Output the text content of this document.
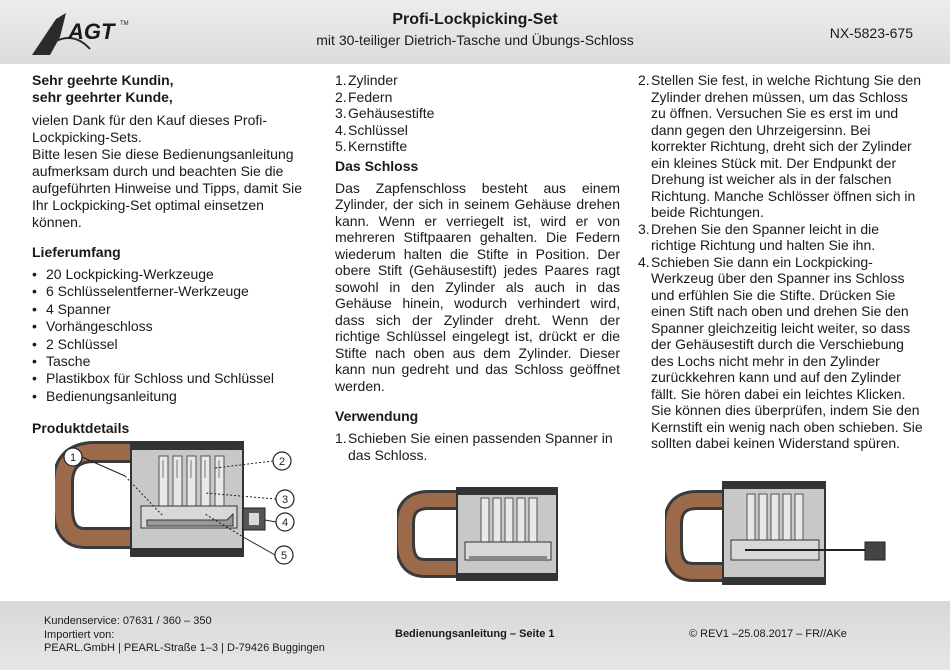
AGT TM	Profi-Lockpicking-Set
mit 30-teiliger Dietrich-Tasche und Übungs-Schloss	NX-5823-675
Sehr geehrte Kundin,
sehr geehrter Kunde,
vielen Dank für den Kauf dieses Profi-Lockpicking-Sets.
Bitte lesen Sie diese Bedienungsanleitung aufmerksam durch und beachten Sie die aufgeführten Hinweise und Tipps, damit Sie Ihr Lockpicking-Set optimal einsetzen können.
Lieferumfang
• 20 Lockpicking-Werkzeuge
• 6 Schlüsselentferner-Werkzeuge
• 4 Spanner
• Vorhängeschloss
• 2 Schlüssel
• Tasche
• Plastikbox für Schloss und Schlüssel
• Bedienungsanleitung
Produktdetails
1	2
3
4
5
1. Zylinder
2. Federn
3. Gehäusestifte
4. Schlüssel
5. Kernstifte
Das Schloss
Das Zapfenschloss besteht aus einem Zylinder, der sich in seinem Gehäuse drehen kann. Wenn er verriegelt ist, wird er von mehreren Stiftpaaren gehalten. Die Federn wiederum halten die Stifte in Position. Der obere Stift (Gehäusestift) jedes Paares ragt sowohl in den Zylinder als auch in das Gehäuse hinein, wodurch verhindert wird, dass sich der Zylinder dreht. Wenn der richtige Schlüssel eingelegt ist, drückt er die Stifte nach oben aus dem Zylinder. Dieser kann nun gedreht und das Schloss geöffnet werden.
Verwendung
1. Schieben Sie einen passenden Spanner in das Schloss.
2. Stellen Sie fest, in welche Richtung Sie den Zylinder drehen müssen, um das Schloss zu öffnen. Versuchen Sie es erst im und dann gegen den Uhrzeigersinn. Bei korrekter Richtung, dreht sich der Zylinder ein kleines Stück mit. Der Endpunkt der Drehung ist weicher als in der falschen Richtung. Manche Schlösser öffnen sich in beide Richtungen.
3. Drehen Sie den Spanner leicht in die richtige Richtung und halten Sie ihn.
4. Schieben Sie dann ein Lockpicking-Werkzeug über den Spanner ins Schloss und erfühlen Sie die Stifte. Drücken Sie einen Stift nach oben und drehen Sie den Spanner gleichzeitig leicht weiter, so dass der Gehäusestift durch die Verschiebung des Lochs nicht mehr in den Zylinder zurückkehren kann und auf den Zylinder fällt. Sie hören dabei ein leichtes Klicken. Sie können dies überprüfen, indem Sie den Kernstift ein wenig nach oben schieben. Sie sollten dabei keinen Widerstand spüren.
Kundenservice: 07631 / 360 – 350
Importiert von:
PEARL.GmbH | PEARL-Straße 1–3 | D-79426 Buggingen
Bedienungsanleitung – Seite 1	© REV1 –25.08.2017 – FR//AKe
